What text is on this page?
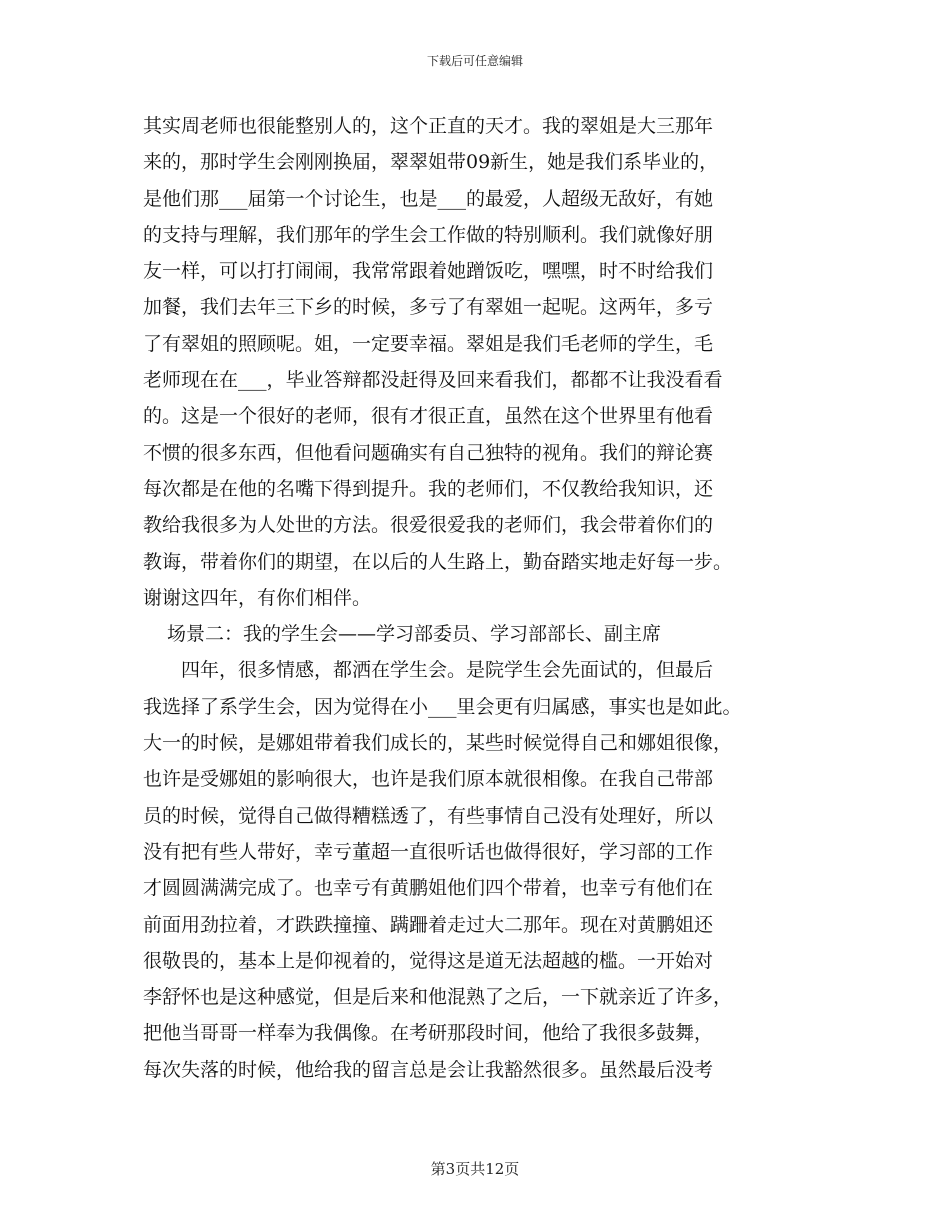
下载后可任意编辑
其实周老师也很能整别人的，这个正直的天才。我的翠姐是大三那年
来的，那时学生会刚刚换届，翠翠姐带09新生，她是我们系毕业的，
是他们那___届第一个讨论生，也是___的最爱，人超级无敌好，有她
的支持与理解，我们那年的学生会工作做的特别顺利。我们就像好朋
友一样，可以打打闹闹，我常常跟着她蹭饭吃，嘿嘿，时不时给我们
加餐，我们去年三下乡的时候，多亏了有翠姐一起呢。这两年，多亏
了有翠姐的照顾呢。姐，一定要幸福。翠姐是我们毛老师的学生，毛
老师现在在___，毕业答辩都没赶得及回来看我们，都都不让我没看看
的。这是一个很好的老师，很有才很正直，虽然在这个世界里有他看
不惯的很多东西，但他看问题确实有自己独特的视角。我们的辩论赛
每次都是在他的名嘴下得到提升。我的老师们，不仅教给我知识，还
教给我很多为人处世的方法。很爱很爱我的老师们，我会带着你们的
教诲，带着你们的期望，在以后的人生路上，勤奋踏实地走好每一步。
谢谢这四年，有你们相伴。
场景二：我的学生会——学习部委员、学习部部长、副主席
四年，很多情感，都洒在学生会。是院学生会先面试的，但最后
我选择了系学生会，因为觉得在小___里会更有归属感，事实也是如此。
大一的时候，是娜姐带着我们成长的，某些时候觉得自己和娜姐很像，
也许是受娜姐的影响很大，也许是我们原本就很相像。在我自己带部
员的时候，觉得自己做得糟糕透了，有些事情自己没有处理好，所以
没有把有些人带好，幸亏董超一直很听话也做得很好，学习部的工作
才圆圆满满完成了。也幸亏有黄鹏姐他们四个带着，也幸亏有他们在
前面用劲拉着，才跌跌撞撞、蹒跚着走过大二那年。现在对黄鹏姐还
很敬畏的，基本上是仰视着的，觉得这是道无法超越的槛。一开始对
李舒怀也是这种感觉，但是后来和他混熟了之后，一下就亲近了许多，
把他当哥哥一样奉为我偶像。在考研那段时间，他给了我很多鼓舞，
每次失落的时候，他给我的留言总是会让我豁然很多。虽然最后没考
第3页共12页
